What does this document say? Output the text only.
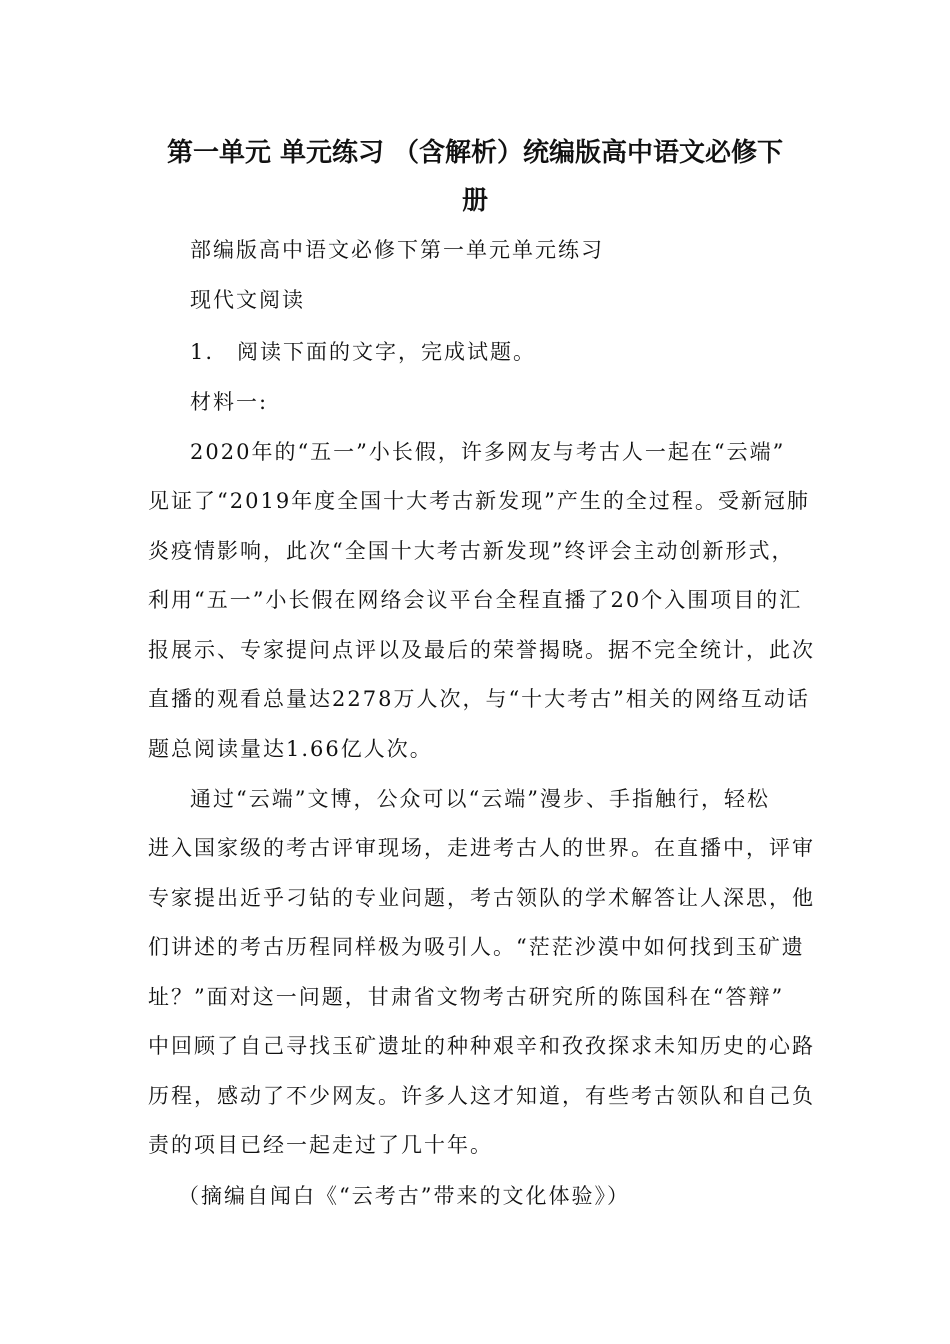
第一单元 单元练习 （含解析）统编版高中语文必修下
册
部编版高中语文必修下第一单元单元练习
现代文阅读
1.　阅读下面的文字，完成试题。
材料一:
2020年的“五一”小长假，许多网友与考古人一起在“云端”
见证了“2019年度全国十大考古新发现”产生的全过程。受新冠肺
炎疫情影响，此次“全国十大考古新发现”终评会主动创新形式，
利用“五一”小长假在网络会议平台全程直播了20个入围项目的汇
报展示、专家提问点评以及最后的荣誉揭晓。据不完全统计，此次
直播的观看总量达2278万人次，与“十大考古”相关的网络互动话
题总阅读量达1.66亿人次。
通过“云端”文博，公众可以“云端”漫步、手指触行，轻松
进入国家级的考古评审现场，走进考古人的世界。在直播中，评审
专家提出近乎刁钻的专业问题，考古领队的学术解答让人深思，他
们讲述的考古历程同样极为吸引人。“茫茫沙漠中如何找到玉矿遗
址？”面对这一问题，甘肃省文物考古研究所的陈国科在“答辩”
中回顾了自己寻找玉矿遗址的种种艰辛和孜孜探求未知历史的心路
历程，感动了不少网友。许多人这才知道，有些考古领队和自己负
责的项目已经一起走过了几十年。
（摘编自闻白《“云考古”带来的文化体验》）
